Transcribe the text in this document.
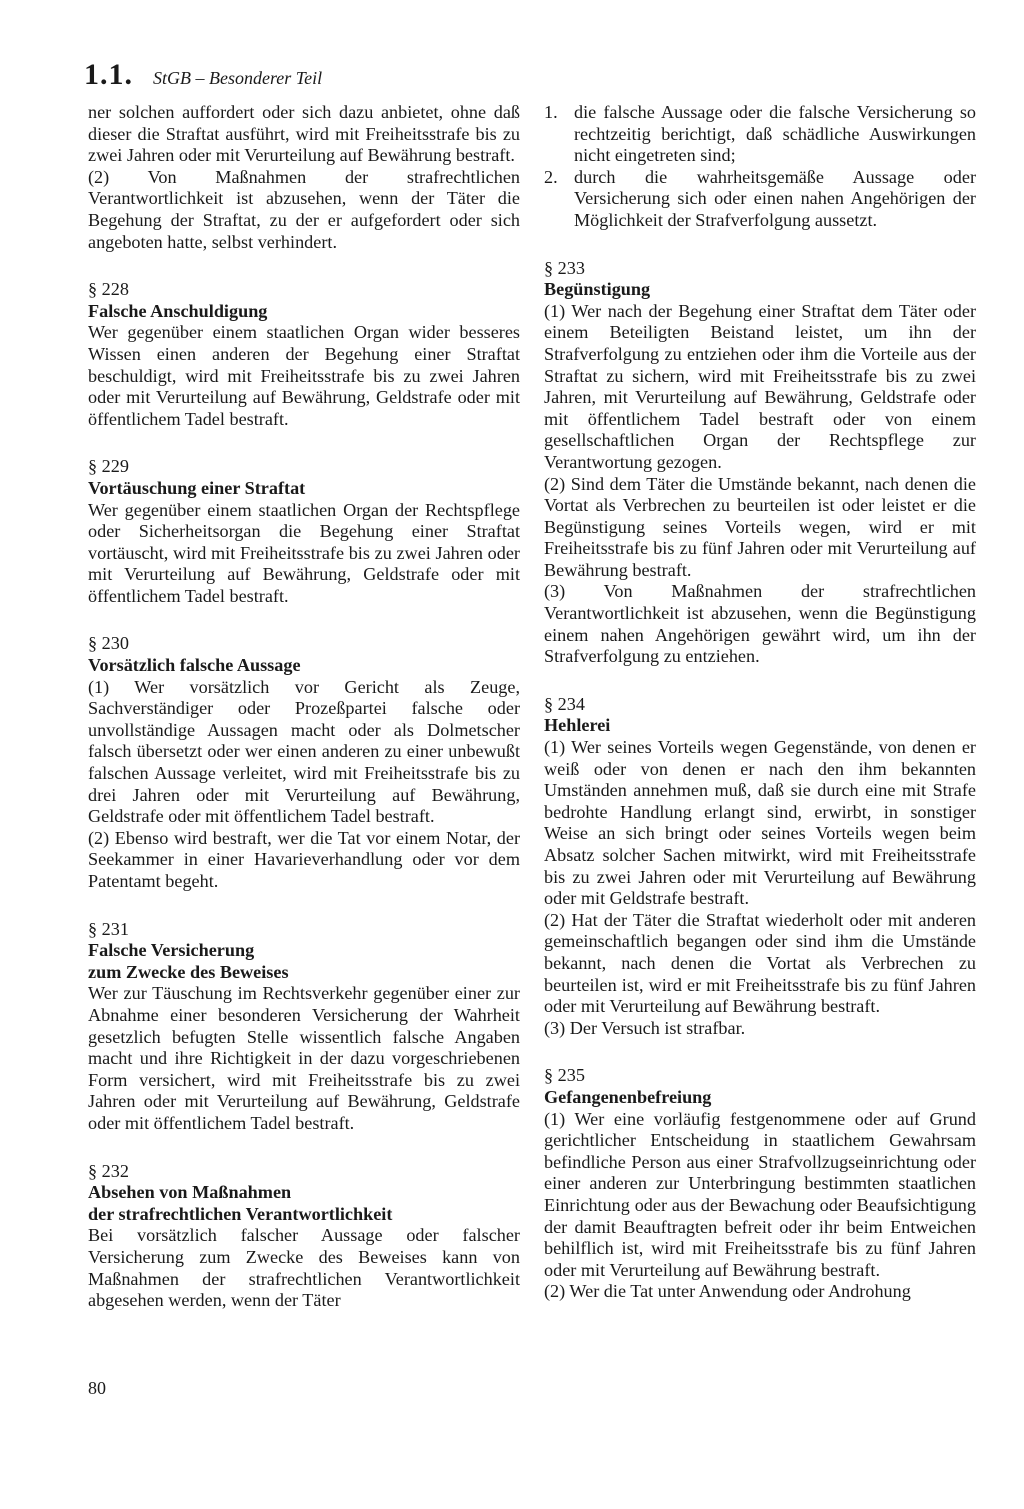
1.1. StGB – Besonderer Teil

ner solchen auffordert oder sich dazu anbietet, ohne daß dieser die Straftat ausführt, wird mit Freiheitsstrafe bis zu zwei Jahren oder mit Verurteilung auf Bewährung bestraft.

(2) Von Maßnahmen der strafrechtlichen Verantwortlichkeit ist abzusehen, wenn der Täter die Begehung der Straftat, zu der er aufgefordert oder sich angeboten hatte, selbst verhindert.

§ 228

Falsche Anschuldigung

Wer gegenüber einem staatlichen Organ wider besseres Wissen einen anderen der Begehung einer Straftat beschuldigt, wird mit Freiheitsstrafe bis zu zwei Jahren oder mit Verurteilung auf Bewährung, Geldstrafe oder mit öffentlichem Tadel bestraft.

§ 229

Vortäuschung einer Straftat

Wer gegenüber einem staatlichen Organ der Rechtspflege oder Sicherheitsorgan die Begehung einer Straftat vortäuscht, wird mit Freiheitsstrafe bis zu zwei Jahren oder mit Verurteilung auf Bewährung, Geldstrafe oder mit öffentlichem Tadel bestraft.

§ 230

Vorsätzlich falsche Aussage

(1) Wer vorsätzlich vor Gericht als Zeuge, Sachverständiger oder Prozeßpartei falsche oder unvollständige Aussagen macht oder als Dolmetscher falsch übersetzt oder wer einen anderen zu einer unbewußt falschen Aussage verleitet, wird mit Freiheitsstrafe bis zu drei Jahren oder mit Verurteilung auf Bewährung, Geldstrafe oder mit öffentlichem Tadel bestraft.

(2) Ebenso wird bestraft, wer die Tat vor einem Notar, der Seekammer in einer Havarieverhandlung oder vor dem Patentamt begeht.

§ 231

Falsche Versicherung

zum Zwecke des Beweises

Wer zur Täuschung im Rechtsverkehr gegenüber einer zur Abnahme einer besonderen Versicherung der Wahrheit gesetzlich befugten Stelle wissentlich falsche Angaben macht und ihre Richtigkeit in der dazu vorgeschriebenen Form versichert, wird mit Freiheitsstrafe bis zu zwei Jahren oder mit Verurteilung auf Bewährung, Geldstrafe oder mit öffentlichem Tadel bestraft.

§ 232

Absehen von Maßnahmen

der strafrechtlichen Verantwortlichkeit

Bei vorsätzlich falscher Aussage oder falscher Versicherung zum Zwecke des Beweises kann von Maßnahmen der strafrechtlichen Verantwortlichkeit abgesehen werden, wenn der Täter

1. die falsche Aussage oder die falsche Versicherung so rechtzeitig berichtigt, daß schädliche Auswirkungen nicht eingetreten sind;
2. durch die wahrheitsgemäße Aussage oder Versicherung sich oder einen nahen Angehörigen der Möglichkeit der Strafverfolgung aussetzt.

§ 233

Begünstigung

(1) Wer nach der Begehung einer Straftat dem Täter oder einem Beteiligten Beistand leistet, um ihn der Strafverfolgung zu entziehen oder ihm die Vorteile aus der Straftat zu sichern, wird mit Freiheitsstrafe bis zu zwei Jahren, mit Verurteilung auf Bewährung, Geldstrafe oder mit öffentlichem Tadel bestraft oder von einem gesellschaftlichen Organ der Rechtspflege zur Verantwortung gezogen.

(2) Sind dem Täter die Umstände bekannt, nach denen die Vortat als Verbrechen zu beurteilen ist oder leistet er die Begünstigung seines Vorteils wegen, wird er mit Freiheitsstrafe bis zu fünf Jahren oder mit Verurteilung auf Bewährung bestraft.

(3) Von Maßnahmen der strafrechtlichen Verantwortlichkeit ist abzusehen, wenn die Begünstigung einem nahen Angehörigen gewährt wird, um ihn der Strafverfolgung zu entziehen.

§ 234

Hehlerei

(1) Wer seines Vorteils wegen Gegenstände, von denen er weiß oder von denen er nach den ihm bekannten Umständen annehmen muß, daß sie durch eine mit Strafe bedrohte Handlung erlangt sind, erwirbt, in sonstiger Weise an sich bringt oder seines Vorteils wegen beim Absatz solcher Sachen mitwirkt, wird mit Freiheitsstrafe bis zu zwei Jahren oder mit Verurteilung auf Bewährung oder mit Geldstrafe bestraft.

(2) Hat der Täter die Straftat wiederholt oder mit anderen gemeinschaftlich begangen oder sind ihm die Umstände bekannt, nach denen die Vortat als Verbrechen zu beurteilen ist, wird er mit Freiheitsstrafe bis zu fünf Jahren oder mit Verurteilung auf Bewährung bestraft.

(3) Der Versuch ist strafbar.

§ 235

Gefangenenbefreiung

(1) Wer eine vorläufig festgenommene oder auf Grund gerichtlicher Entscheidung in staatlichem Gewahrsam befindliche Person aus einer Strafvollzugseinrichtung oder einer anderen zur Unterbringung bestimmten staatlichen Einrichtung oder aus der Bewachung oder Beaufsichtigung der damit Beauftragten befreit oder ihr beim Entweichen behilflich ist, wird mit Freiheitsstrafe bis zu fünf Jahren oder mit Verurteilung auf Bewährung bestraft.

(2) Wer die Tat unter Anwendung oder Androhung

80
